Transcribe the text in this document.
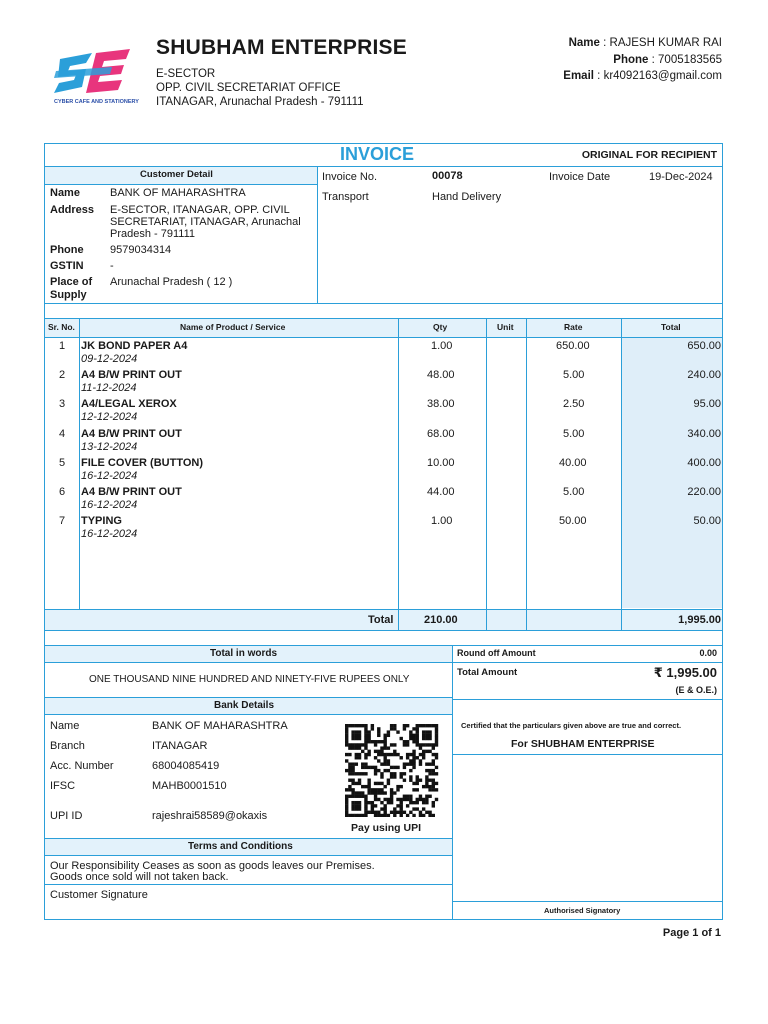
CYBER CAFE AND STATIONERY
SHUBHAM ENTERPRISE
E-SECTOR
OPP. CIVIL SECRETARIAT OFFICE
ITANAGAR, Arunachal Pradesh - 791111
Name : RAJESH KUMAR RAI
Phone : 7005183565
Email : kr4092163@gmail.com
INVOICE	ORIGINAL FOR RECIPIENT
Customer Detail
Name	BANK OF MAHARASHTRA
Address E-SECTOR, ITANAGAR, OPP. CIVIL
SECRETARIAT, ITANAGAR, Arunachal
Pradesh - 791111
Phone 9579034314
GSTIN -
Place of
Supply
Arunachal Pradesh ( 12 )
Invoice No.	00078	Invoice Date	19-Dec-2024
Transport	Hand Delivery
Sr. No.	Name of Product / Service	Qty	Unit	Rate	Total
1 JK BOND PAPER A4
09-12-2024
1.00	650.00	650.00
2 A4 B/W PRINT OUT
11-12-2024
48.00	5.00	240.00
3 A4/LEGAL XEROX
12-12-2024
38.00	2.50	95.00
4 A4 B/W PRINT OUT
13-12-2024
68.00	5.00	340.00
5 FILE COVER (BUTTON)
16-12-2024
10.00	40.00	400.00
6 A4 B/W PRINT OUT
16-12-2024
44.00	5.00	220.00
7 TYPING
16-12-2024
1.00	50.00	50.00
Total	210.00	1,995.00
Total in words
ONE THOUSAND NINE HUNDRED AND NINETY-FIVE RUPEES ONLY
Round off Amount	0.00
Total Amount	₹ 1,995.00
(E & O.E.)
Bank Details
Name	BANK OF MAHARASHTRA
Branch	ITANAGAR
Acc. Number	68004085419
IFSC	MAHB0001510
UPI ID	rajeshrai58589@okaxis
Pay using UPI
Certified that the particulars given above are true and correct.
For SHUBHAM ENTERPRISE
Terms and Conditions
Our Responsibility Ceases as soon as goods leaves our Premises.
Goods once sold will not taken back.
Customer Signature
Authorised Signatory
Page 1 of 1
